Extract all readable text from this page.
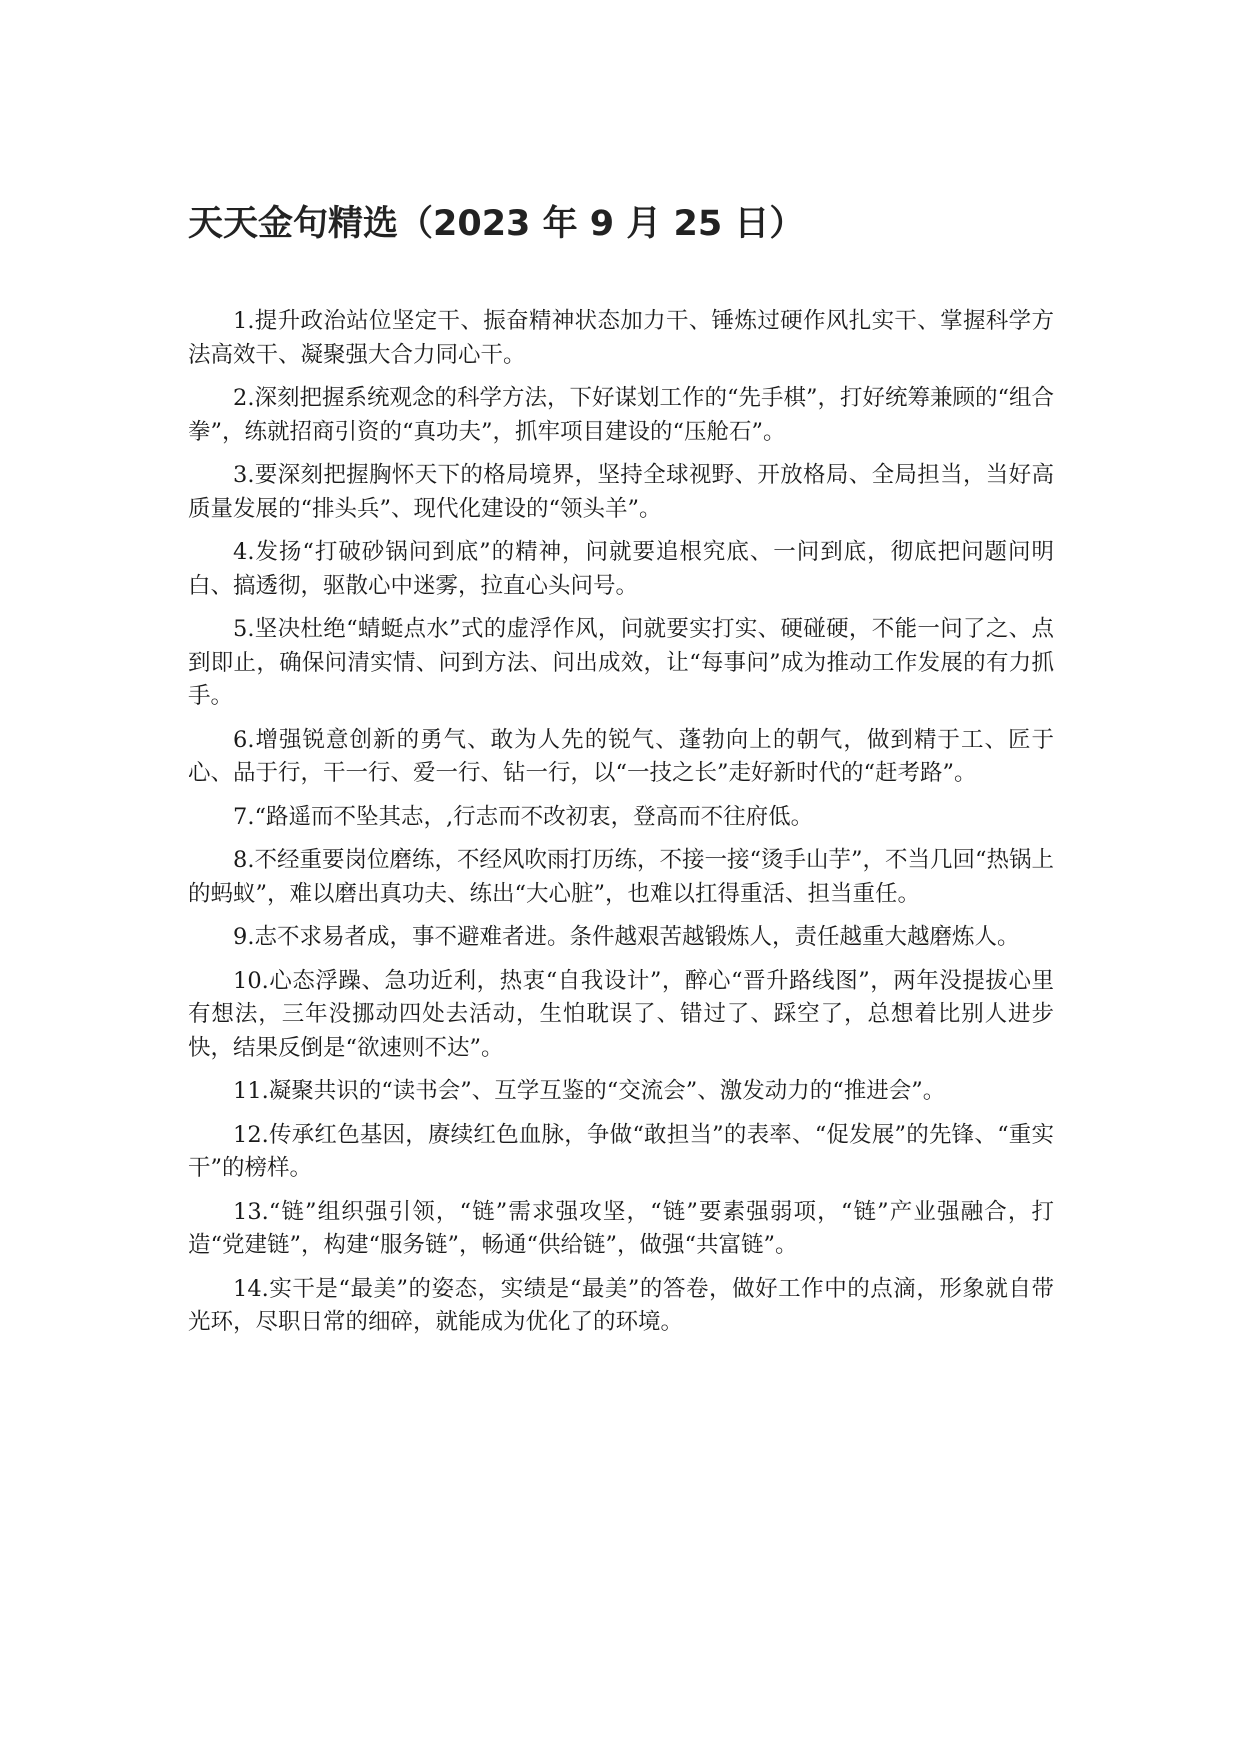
天天金句精选（2023 年 9 月 25 日）

1.提升政治站位坚定干、振奋精神状态加力干、锤炼过硬作风扎实干、掌握科学方法高效干、凝聚强大合力同心干。

2.深刻把握系统观念的科学方法，下好谋划工作的“先手棋”，打好统筹兼顾的“组合拳”，练就招商引资的“真功夫”，抓牢项目建设的“压舱石”。

3.要深刻把握胸怀天下的格局境界，坚持全球视野、开放格局、全局担当，当好高质量发展的“排头兵”、现代化建设的“领头羊”。

4.发扬“打破砂锅问到底”的精神，问就要追根究底、一问到底，彻底把问题问明白、搞透彻，驱散心中迷雾，拉直心头问号。

5.坚决杜绝“蜻蜓点水”式的虚浮作风，问就要实打实、硬碰硬，不能一问了之、点到即止，确保问清实情、问到方法、问出成效，让“每事问”成为推动工作发展的有力抓手。

6.增强锐意创新的勇气、敢为人先的锐气、蓬勃向上的朝气，做到精于工、匠于心、品于行，干一行、爱一行、钻一行，以“一技之长”走好新时代的“赶考路”。

7.“路遥而不坠其志，,行志而不改初衷，登高而不往府低。

8.不经重要岗位磨练，不经风吹雨打历练，不接一接“烫手山芋”，不当几回“热锅上的蚂蚁”，难以磨出真功夫、练出“大心脏”，也难以扛得重活、担当重任。

9.志不求易者成，事不避难者进。条件越艰苦越锻炼人，责任越重大越磨炼人。

10.心态浮躁、急功近利，热衷“自我设计”，醉心“晋升路线图”，两年没提拔心里有想法，三年没挪动四处去活动，生怕耽误了、错过了、踩空了，总想着比别人进步快，结果反倒是“欲速则不达”。

11.凝聚共识的“读书会”、互学互鉴的“交流会”、激发动力的“推进会”。

12.传承红色基因，赓续红色血脉，争做“敢担当”的表率、“促发展”的先锋、“重实干”的榜样。

13.“链”组织强引领，“链”需求强攻坚，“链”要素强弱项，“链”产业强融合，打造“党建链”，构建“服务链”，畅通“供给链”，做强“共富链”。

14.实干是“最美”的姿态，实绩是“最美”的答卷，做好工作中的点滴，形象就自带光环，尽职日常的细碎，就能成为优化了的环境。
